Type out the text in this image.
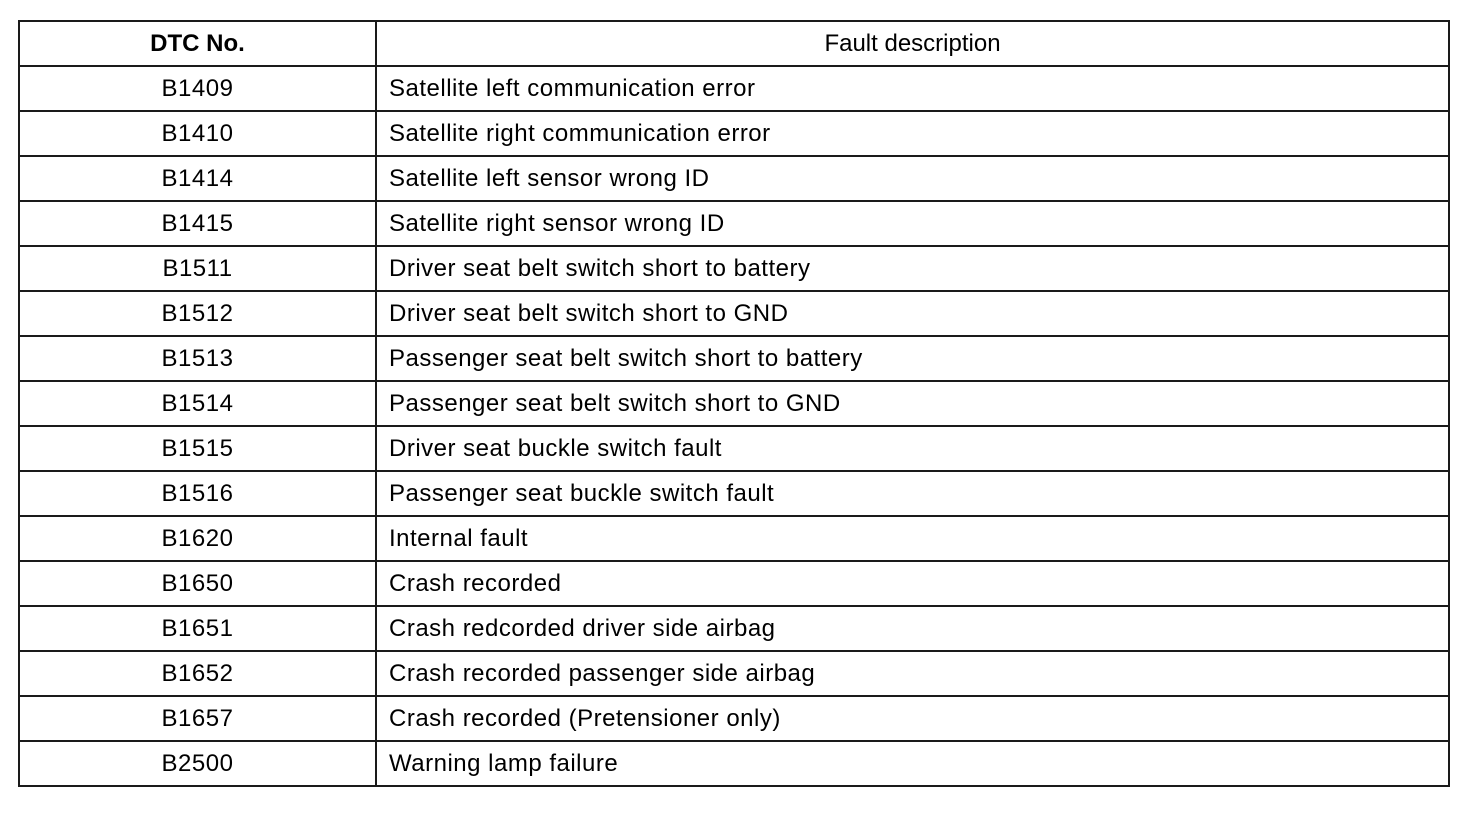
DTC No.	Fault description
B1409	Satellite left communication error
B1410	Satellite right communication error
B1414	Satellite left sensor wrong ID
B1415	Satellite right sensor wrong ID
B1511	Driver seat belt switch short to battery
B1512	Driver seat belt switch short to GND
B1513	Passenger seat belt switch short to battery
B1514	Passenger seat belt switch short to GND
B1515	Driver seat buckle switch fault
B1516	Passenger seat buckle switch fault
B1620	Internal fault
B1650	Crash recorded
B1651	Crash redcorded driver side airbag
B1652	Crash recorded passenger side airbag
B1657	Crash recorded (Pretensioner only)
B2500	Warning lamp failure
